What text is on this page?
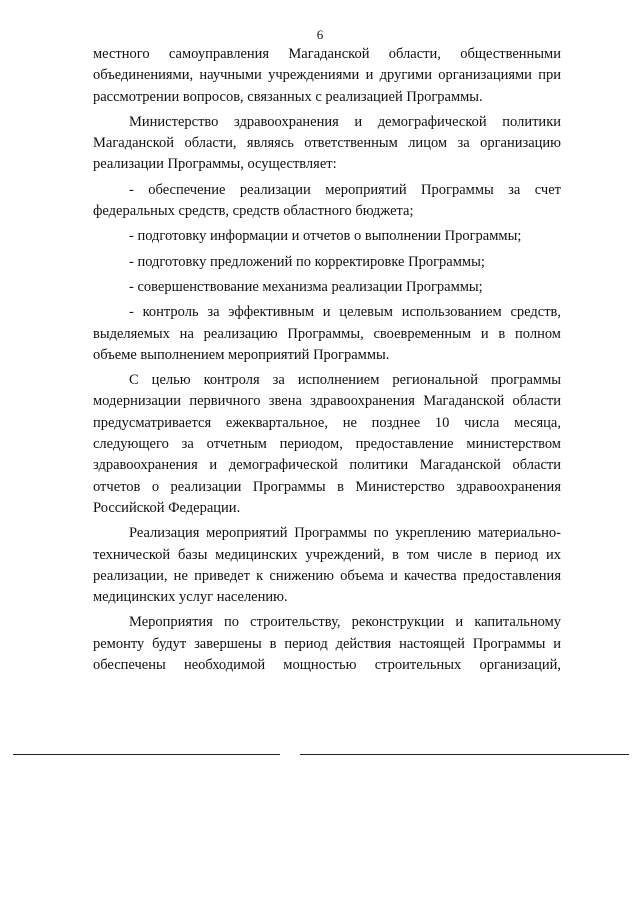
6

местного самоуправления Магаданской области, общественными объединениями, научными учреждениями и другими организациями при рассмотрении вопросов, связанных с реализацией Программы.

Министерство здравоохранения и демографической политики Магаданской области, являясь ответственным лицом за организацию реализации Программы, осуществляет:

- обеспечение реализации мероприятий Программы за счет федеральных средств, средств областного бюджета;

- подготовку информации и отчетов о выполнении Программы;

- подготовку предложений по корректировке Программы;

- совершенствование механизма реализации Программы;

- контроль за эффективным и целевым использованием средств, выделяемых на реализацию Программы, своевременным и в полном объеме выполнением мероприятий Программы.

С целью контроля за исполнением региональной программы модернизации первичного звена здравоохранения Магаданской области предусматривается ежеквартальное, не позднее 10 числа месяца, следующего за отчетным периодом, предоставление министерством здравоохранения и демографической политики Магаданской области отчетов о реализации Программы в Министерство здравоохранения Российской Федерации.

Реализация мероприятий Программы по укреплению материально-технической базы медицинских учреждений, в том числе в период их реализации, не приведет к снижению объема и качества предоставления медицинских услуг населению.

Мероприятия по строительству, реконструкции и капитальному ремонту будут завершены в период действия настоящей Программы и обеспечены необходимой мощностью строительных организаций,
